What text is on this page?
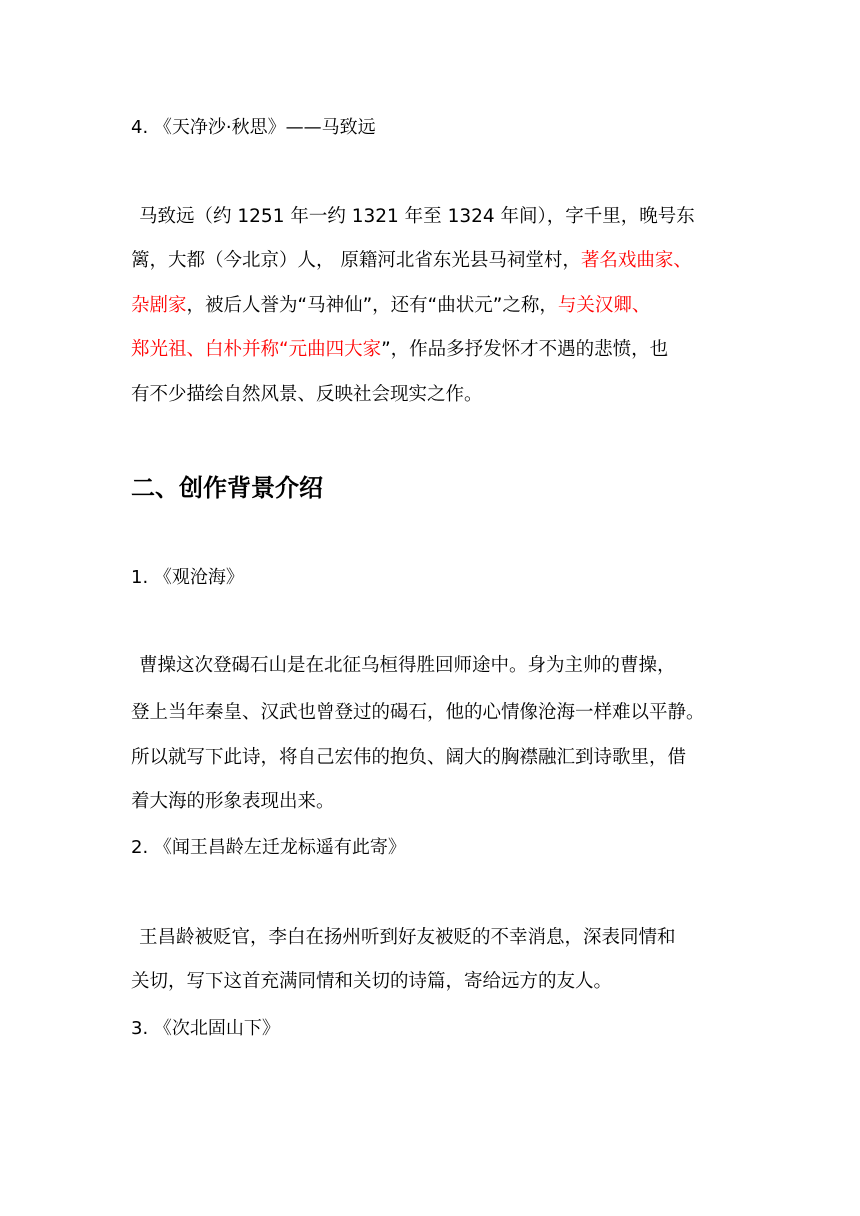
4. 《天净沙·秋思》——马致远
马致远（约 1251 年一约 1321 年至 1324 年间），字千里，晚号东
篱，大都（今北京）人， 原籍河北省东光县马祠堂村，著名戏曲家、
杂剧家，被后人誉为“马神仙”，还有“曲状元”之称，与关汉卿、
郑光祖、白朴并称“元曲四大家”，作品多抒发怀才不遇的悲愤，也
有不少描绘自然风景、反映社会现实之作。
二、创作背景介绍
1. 《观沧海》
曹操这次登碣石山是在北征乌桓得胜回师途中。身为主帅的曹操，
登上当年秦皇、汉武也曾登过的碣石，他的心情像沧海一样难以平静。
所以就写下此诗，将自己宏伟的抱负、阔大的胸襟融汇到诗歌里，借
着大海的形象表现出来。
2. 《闻王昌龄左迁龙标遥有此寄》
王昌龄被贬官，李白在扬州听到好友被贬的不幸消息，深表同情和
关切，写下这首充满同情和关切的诗篇，寄给远方的友人。
3. 《次北固山下》
